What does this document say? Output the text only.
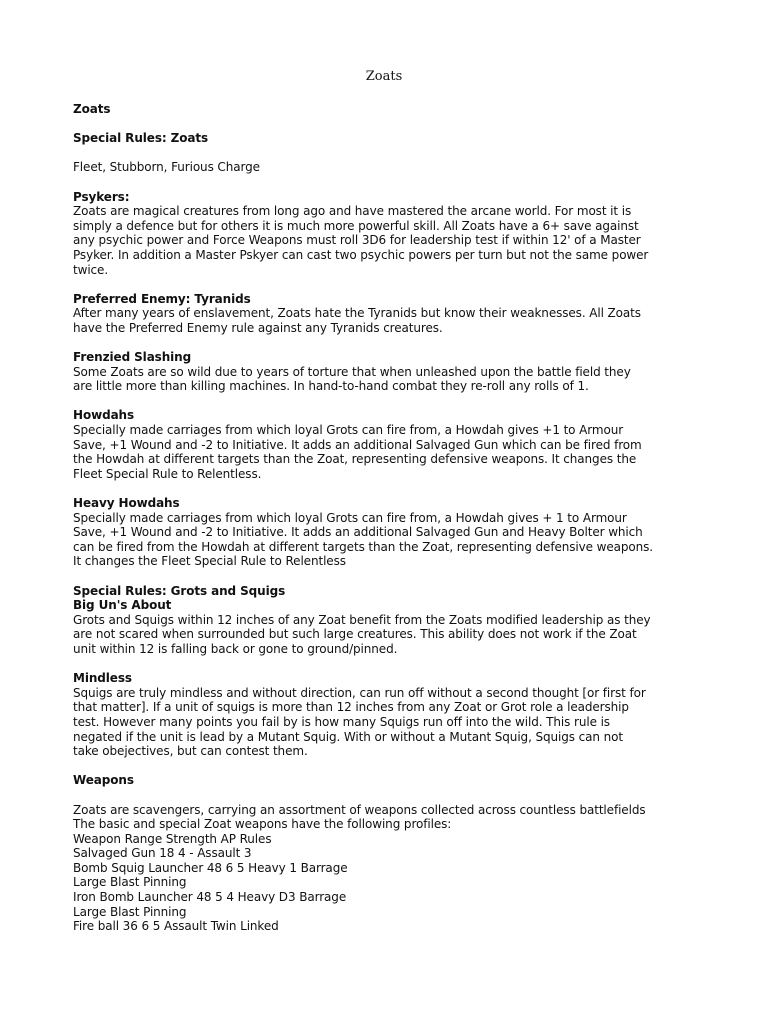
Zoats

Zoats

Special Rules: Zoats

Fleet, Stubborn, Furious Charge

Psykers:

Zoats are magical creatures from long ago and have mastered the arcane world. For most it is
simply a defence but for others it is much more powerful skill. All Zoats have a 6+ save against
any psychic power and Force Weapons must roll 3D6 for leadership test if within 12' of a Master
Psyker. In addition a Master Pskyer can cast two psychic powers per turn but not the same power
twice.

Preferred Enemy: Tyranids

After many years of enslavement, Zoats hate the Tyranids but know their weaknesses. All Zoats
have the Preferred Enemy rule against any Tyranids creatures.

Frenzied Slashing

Some Zoats are so wild due to years of torture that when unleashed upon the battle field they
are little more than killing machines. In hand-to-hand combat they re-roll any rolls of 1.

Howdahs

Specially made carriages from which loyal Grots can fire from, a Howdah gives +1 to Armour
Save, +1 Wound and -2 to Initiative. It adds an additional Salvaged Gun which can be fired from
the Howdah at different targets than the Zoat, representing defensive weapons. It changes the
Fleet Special Rule to Relentless.

Heavy Howdahs

Specially made carriages from which loyal Grots can fire from, a Howdah gives + 1 to Armour
Save, +1 Wound and -2 to Initiative. It adds an additional Salvaged Gun and Heavy Bolter which
can be fired from the Howdah at different targets than the Zoat, representing defensive weapons.
It changes the Fleet Special Rule to Relentless

Special Rules: Grots and Squigs

Big Un's About

Grots and Squigs within 12 inches of any Zoat benefit from the Zoats modified leadership as they
are not scared when surrounded but such large creatures. This ability does not work if the Zoat
unit within 12 is falling back or gone to ground/pinned.

Mindless

Squigs are truly mindless and without direction, can run off without a second thought [or first for
that matter]. If a unit of squigs is more than 12 inches from any Zoat or Grot role a leadership
test. However many points you fail by is how many Squigs run off into the wild. This rule is
negated if the unit is lead by a Mutant Squig. With or without a Mutant Squig, Squigs can not
take obejectives, but can contest them.

Weapons

Zoats are scavengers, carrying an assortment of weapons collected across countless battlefields
The basic and special Zoat weapons have the following profiles:
Weapon Range Strength AP Rules
Salvaged Gun 18 4 - Assault 3
Bomb Squig Launcher 48 6 5 Heavy 1 Barrage
Large Blast Pinning
Iron Bomb Launcher 48 5 4 Heavy D3 Barrage
Large Blast Pinning
Fire ball 36 6 5 Assault Twin Linked
